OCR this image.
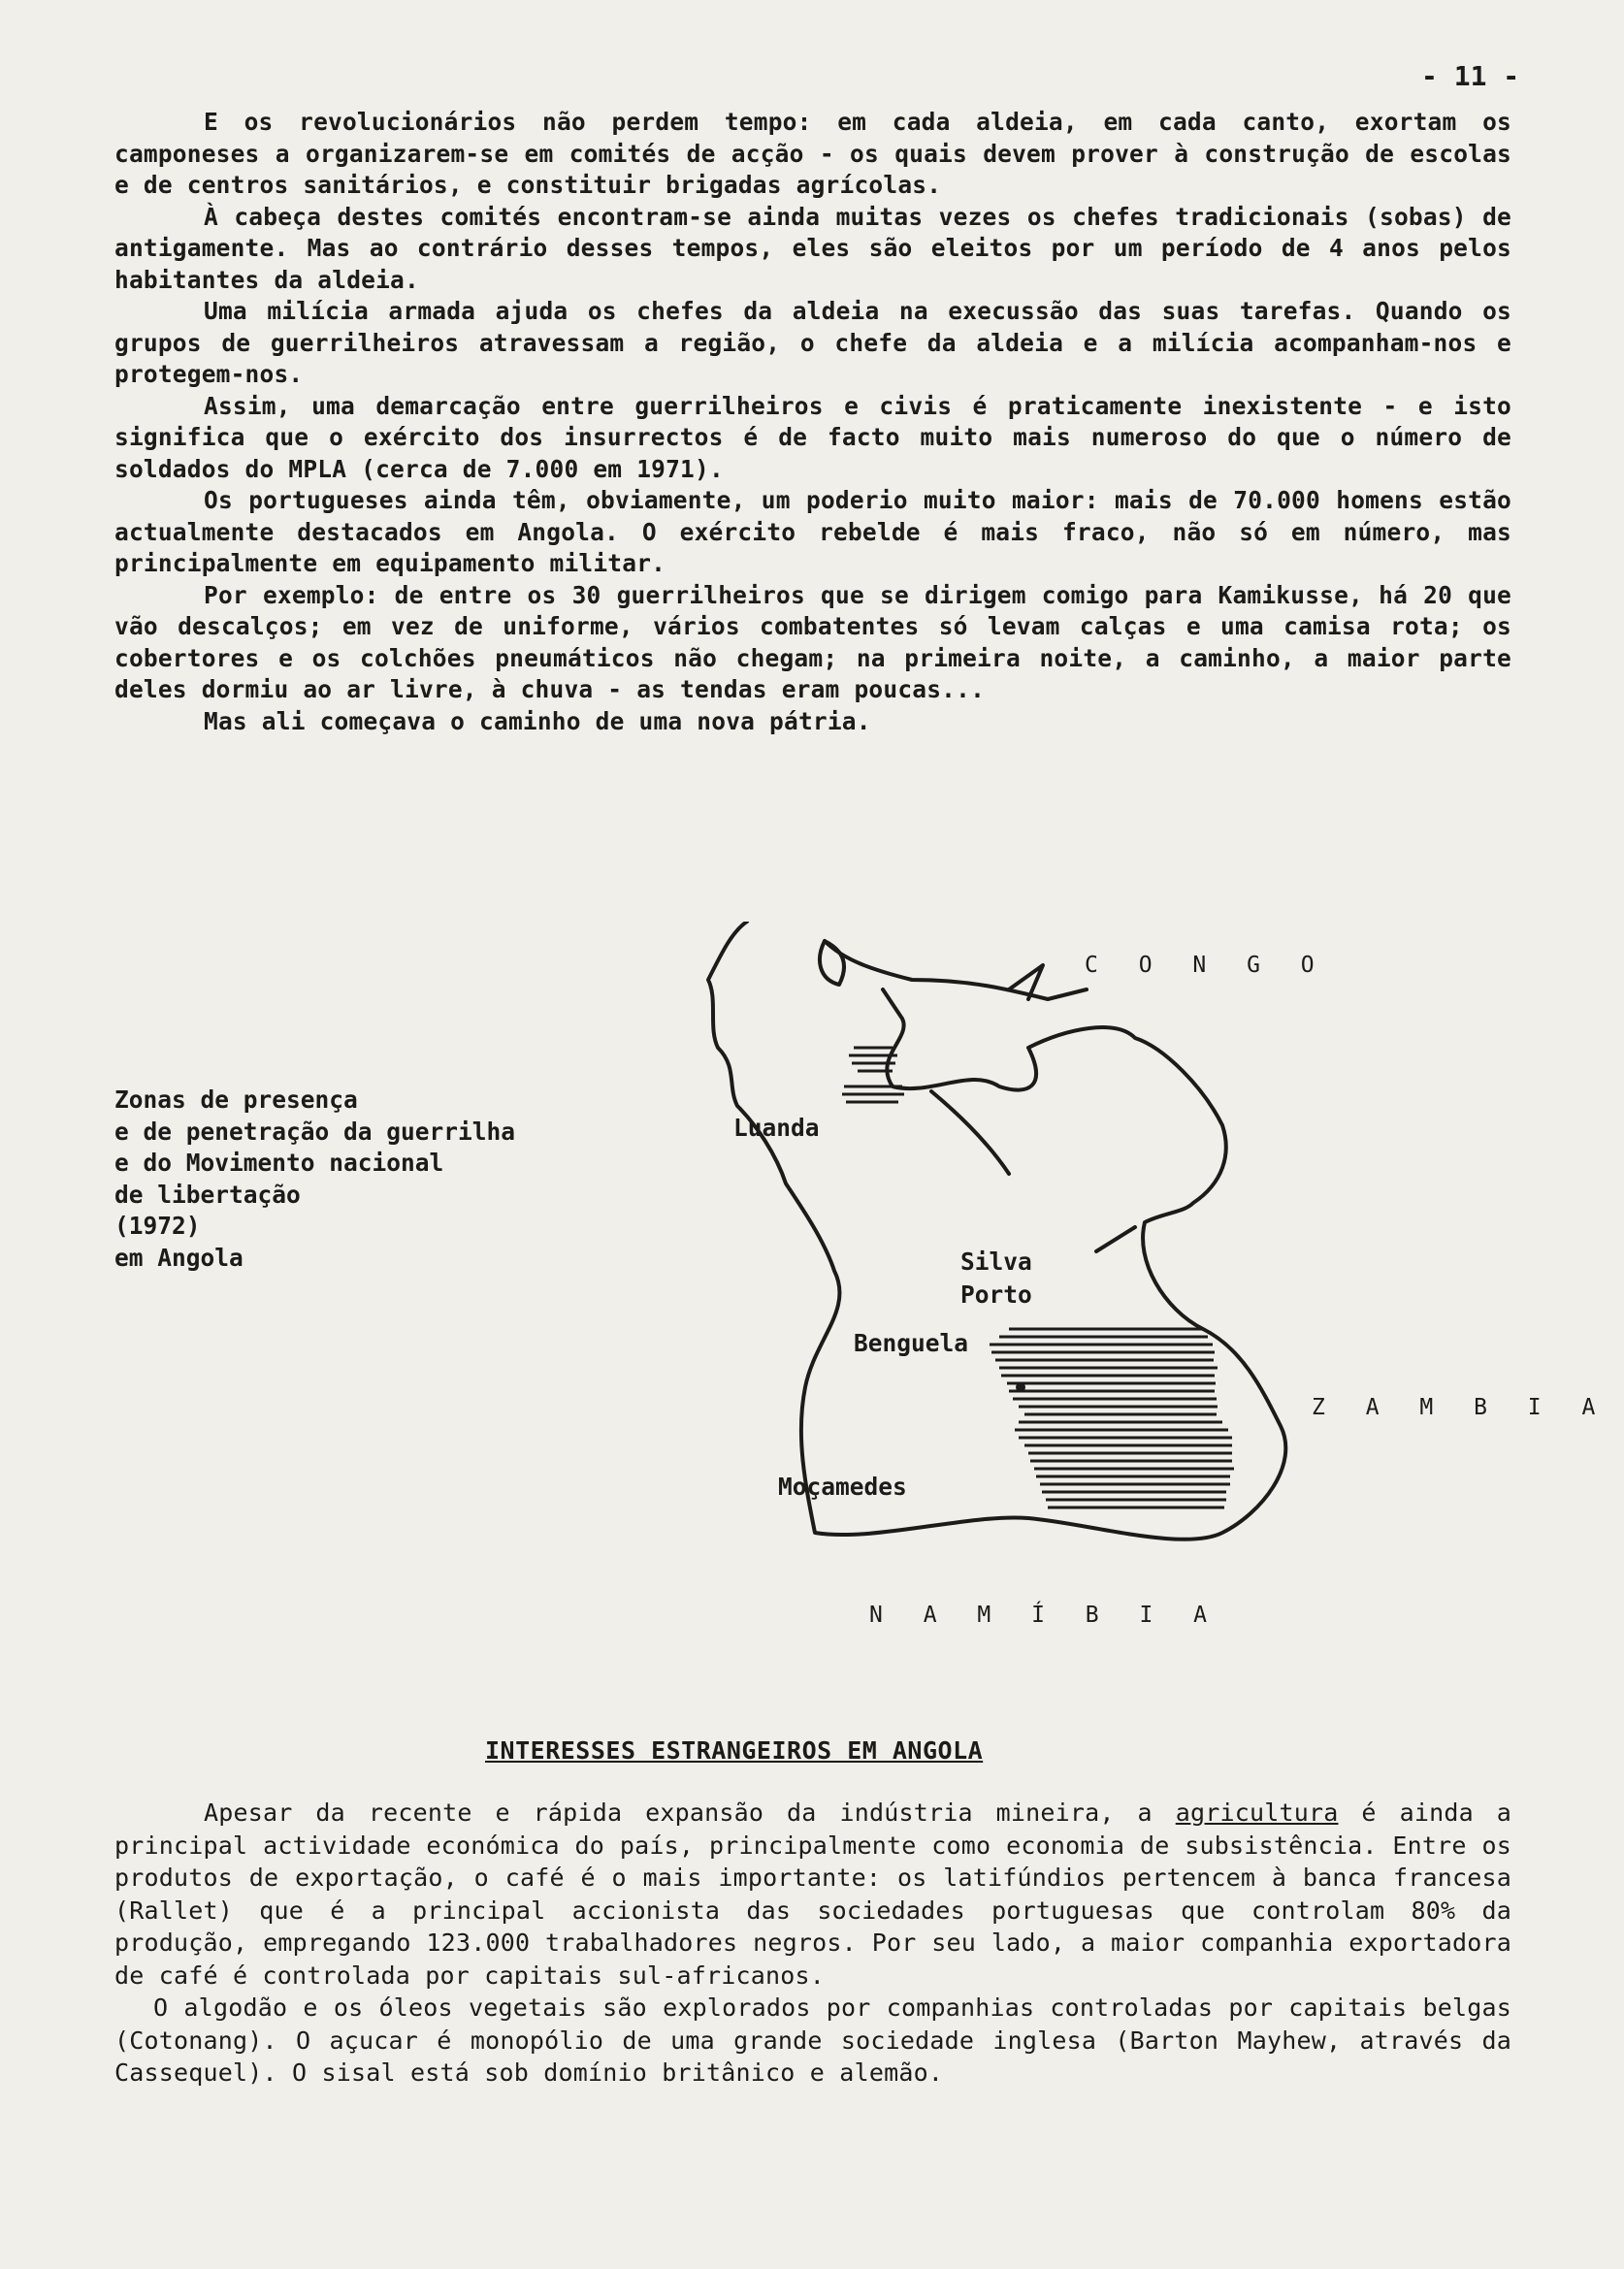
- 11 -

E os revolucionários não perdem tempo: em cada aldeia, em cada canto, exortam os camponeses a organizarem-se em comités de acção - os quais devem prover à construção de escolas e de centros sanitários, e constituir brigadas agrícolas.

À cabeça destes comités encontram-se ainda muitas vezes os chefes tradicionais (sobas) de antigamente. Mas ao contrário desses tempos, eles são eleitos por um período de 4 anos pelos habitantes da aldeia.

Uma milícia armada ajuda os chefes da aldeia na execussão das suas tarefas. Quando os grupos de guerrilheiros atravessam a região, o chefe da aldeia e a milícia acompanham-nos e protegem-nos.

Assim, uma demarcação entre guerrilheiros e civis é praticamente inexistente - e isto significa que o exército dos insurrectos é de facto muito mais numeroso do que o número de soldados do MPLA (cerca de 7.000 em 1971).

Os portugueses ainda têm, obviamente, um poderio muito maior: mais de 70.000 homens estão actualmente destacados em Angola. O exército rebelde é mais fraco, não só em número, mas principalmente em equipamento militar.

Por exemplo: de entre os 30 guerrilheiros que se dirigem comigo para Kamikusse, há 20 que vão descalços; em vez de uniforme, vários combatentes só levam calças e uma camisa rota; os cobertores e os colchões pneumáticos não chegam; na primeira noite, a caminho, a maior parte deles dormiu ao ar livre, à chuva - as tendas eram poucas...

Mas ali começava o caminho de uma nova pátria.

Zonas de presença
e de penetração da guerrilha
e do Movimento nacional
de libertação
(1972)
em Angola
C O N G O
Luanda
Silva
Porto
Benguela
Z A M B I A
Moçamedes
N A M Í B I A
INTERESSES ESTRANGEIROS EM ANGOLA

Apesar da recente e rápida expansão da indústria mineira, a agricultura é ainda a principal actividade económica do país, principalmente como economia de subsistência. Entre os produtos de exportação, o café é o mais importante: os latifúndios pertencem à banca francesa (Rallet) que é a principal accionista das sociedades portuguesas que controlam 80% da produção, empregando 123.000 trabalhadores negros. Por seu lado, a maior companhia exportadora de café é controlada por capitais sul-africanos.

O algodão e os óleos vegetais são explorados por companhias controladas por capitais belgas (Cotonang). O açucar é monopólio de uma grande sociedade inglesa (Barton Mayhew, através da Cassequel). O sisal está sob domínio britânico e alemão.
